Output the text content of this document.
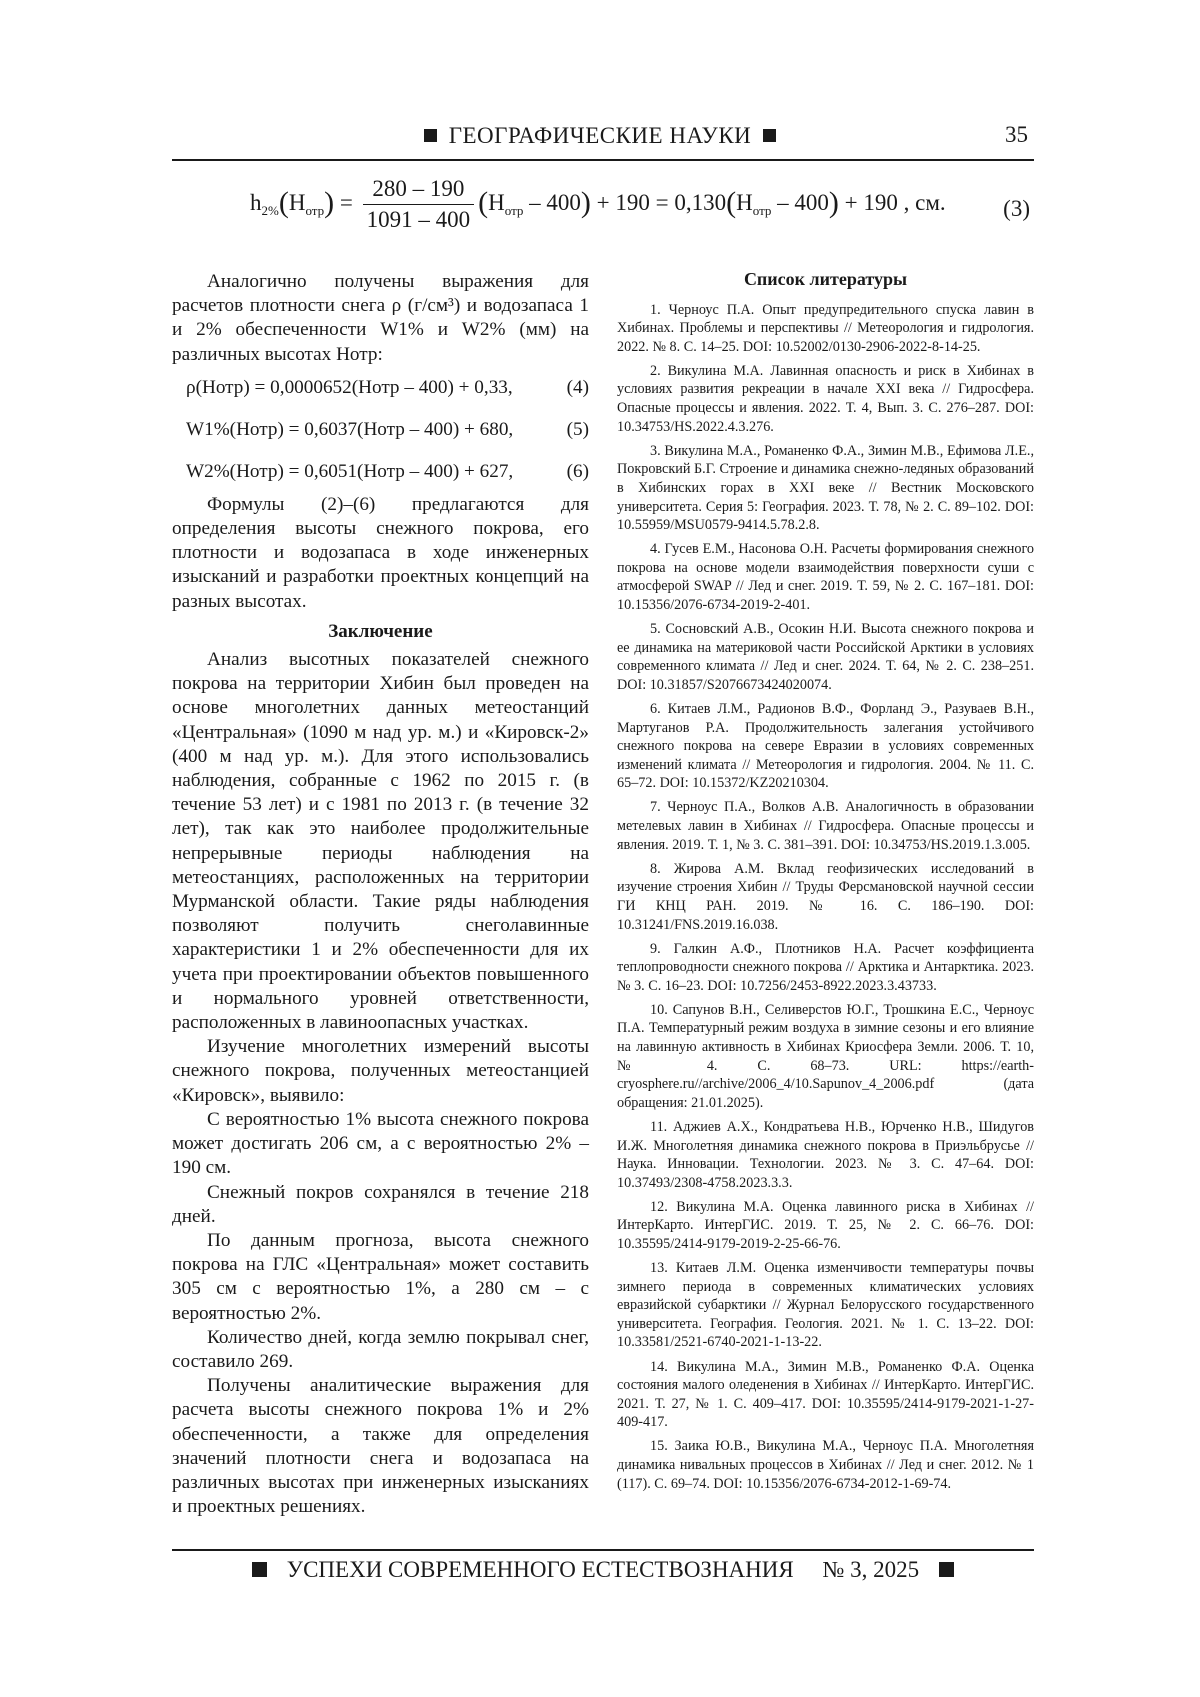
ГЕОГРАФИЧЕСКИЕ НАУКИ	35
h2%(Hотр) =
280 – 190
1091 – 400
(Hотр – 400) + 190 = 0,130(Hотр – 400) + 190 , см.	(3)

Аналогично получены выражения для расчетов плотности снега ρ (г/см³) и водозапаса 1 и 2% обеспеченности W1% и W2% (мм) на различных высотах Hотр:

ρ(Hотр) = 0,0000652(Hотр – 400) + 0,33,	(4)
W1%(Hотр) = 0,6037(Hотр – 400) + 680,	(5)
W2%(Hотр) = 0,6051(Hотр – 400) + 627,	(6)

Формулы (2)–(6) предлагаются для определения высоты снежного покрова, его плотности и водозапаса в ходе инженерных изысканий и разработки проектных концепций на разных высотах.

Заключение

Анализ высотных показателей снежного покрова на территории Хибин был проведен на основе многолетних данных метеостанций «Центральная» (1090 м над ур. м.) и «Кировск-2» (400 м над ур. м.). Для этого использовались наблюдения, собранные с 1962 по 2015 г. (в течение 53 лет) и с 1981 по 2013 г. (в течение 32 лет), так как это наиболее продолжительные непрерывные периоды наблюдения на метеостанциях, расположенных на территории Мурманской области. Такие ряды наблюдения позволяют получить снеголавинные характеристики 1 и 2% обеспеченности для их учета при проектировании объектов повышенного и нормального уровней ответственности, расположенных в лавиноопасных участках.

Изучение многолетних измерений высоты снежного покрова, полученных метеостанцией «Кировск», выявило:

С вероятностью 1% высота снежного покрова может достигать 206 см, а с вероятностью 2% – 190 см.

Снежный покров сохранялся в течение 218 дней.

По данным прогноза, высота снежного покрова на ГЛС «Центральная» может составить 305 см с вероятностью 1%, а 280 см – с вероятностью 2%.

Количество дней, когда землю покрывал снег, составило 269.

Получены аналитические выражения для расчета высоты снежного покрова 1% и 2% обеспеченности, а также для определения значений плотности снега и водозапаса на различных высотах при инженерных изысканиях и проектных решениях.

Список литературы

1. Черноус П.А. Опыт предупредительного спуска лавин в Хибинах. Проблемы и перспективы // Метеорология и гидрология. 2022. № 8. С. 14–25. DOI: 10.52002/0130-2906-2022-8-14-25.

2. Викулина М.А. Лавинная опасность и риск в Хибинах в условиях развития рекреации в начале XXI века // Гидросфера. Опасные процессы и явления. 2022. Т. 4, Вып. 3. С. 276–287. DOI: 10.34753/HS.2022.4.3.276.

3. Викулина М.А., Романенко Ф.А., Зимин М.В., Ефимова Л.Е., Покровский Б.Г. Строение и динамика снежно-ледяных образований в Хибинских горах в XXI веке // Вестник Московского университета. Серия 5: География. 2023. Т. 78, № 2. С. 89–102. DOI: 10.55959/MSU0579-9414.5.78.2.8.

4. Гусев Е.М., Насонова О.Н. Расчеты формирования снежного покрова на основе модели взаимодействия поверхности суши с атмосферой SWAP // Лед и снег. 2019. Т. 59, № 2. С. 167–181. DOI: 10.15356/2076-6734-2019-2-401.

5. Сосновский А.В., Осокин Н.И. Высота снежного покрова и ее динамика на материковой части Российской Арктики в условиях современного климата // Лед и снег. 2024. Т. 64, № 2. С. 238–251. DOI: 10.31857/S2076673424020074.

6. Китаев Л.М., Радионов В.Ф., Форланд Э., Разуваев В.Н., Мартуганов Р.А. Продолжительность залегания устойчивого снежного покрова на севере Евразии в условиях современных изменений климата // Метеорология и гидрология. 2004. № 11. С. 65–72. DOI: 10.15372/KZ20210304.

7. Черноус П.А., Волков А.В. Аналогичность в образовании метелевых лавин в Хибинах // Гидросфера. Опасные процессы и явления. 2019. Т. 1, № 3. С. 381–391. DOI: 10.34753/HS.2019.1.3.005.

8. Жирова А.М. Вклад геофизических исследований в изучение строения Хибин // Труды Ферсмановской научной сессии ГИ КНЦ РАН. 2019. № 16. С. 186–190. DOI: 10.31241/FNS.2019.16.038.

9. Галкин А.Ф., Плотников Н.А. Расчет коэффициента теплопроводности снежного покрова // Арктика и Антарктика. 2023. № 3. С. 16–23. DOI: 10.7256/2453-8922.2023.3.43733.

10. Сапунов В.Н., Селиверстов Ю.Г., Трошкина Е.С., Черноус П.А. Температурный режим воздуха в зимние сезоны и его влияние на лавинную активность в Хибинах Криосфера Земли. 2006. Т. 10, № 4. С. 68–73. URL: https://earth-cryosphere.ru//archive/2006_4/10.Sapunov_4_2006.pdf (дата обращения: 21.01.2025).

11. Аджиев А.Х., Кондратьева Н.В., Юрченко Н.В., Шидугов И.Ж. Многолетняя динамика снежного покрова в Приэльбрусье // Наука. Инновации. Технологии. 2023. № 3. С. 47–64. DOI: 10.37493/2308-4758.2023.3.3.

12. Викулина М.А. Оценка лавинного риска в Хибинах // ИнтерКарто. ИнтерГИС. 2019. Т. 25, № 2. С. 66–76. DOI: 10.35595/2414-9179-2019-2-25-66-76.

13. Китаев Л.М. Оценка изменчивости температуры почвы зимнего периода в современных климатических условиях евразийской субарктики // Журнал Белорусского государственного университета. География. Геология. 2021. № 1. С. 13–22. DOI: 10.33581/2521-6740-2021-1-13-22.

14. Викулина М.А., Зимин М.В., Романенко Ф.А. Оценка состояния малого оледенения в Хибинах // ИнтерКарто. ИнтерГИС. 2021. Т. 27, № 1. С. 409–417. DOI: 10.35595/2414-9179-2021-1-27-409-417.

15. Заика Ю.В., Викулина М.А., Черноус П.А. Многолетняя динамика нивальных процессов в Хибинах // Лед и снег. 2012. № 1 (117). С. 69–74. DOI: 10.15356/2076-6734-2012-1-69-74.

УСПЕХИ СОВРЕМЕННОГО ЕСТЕСТВОЗНАНИЯ № 3, 2025
